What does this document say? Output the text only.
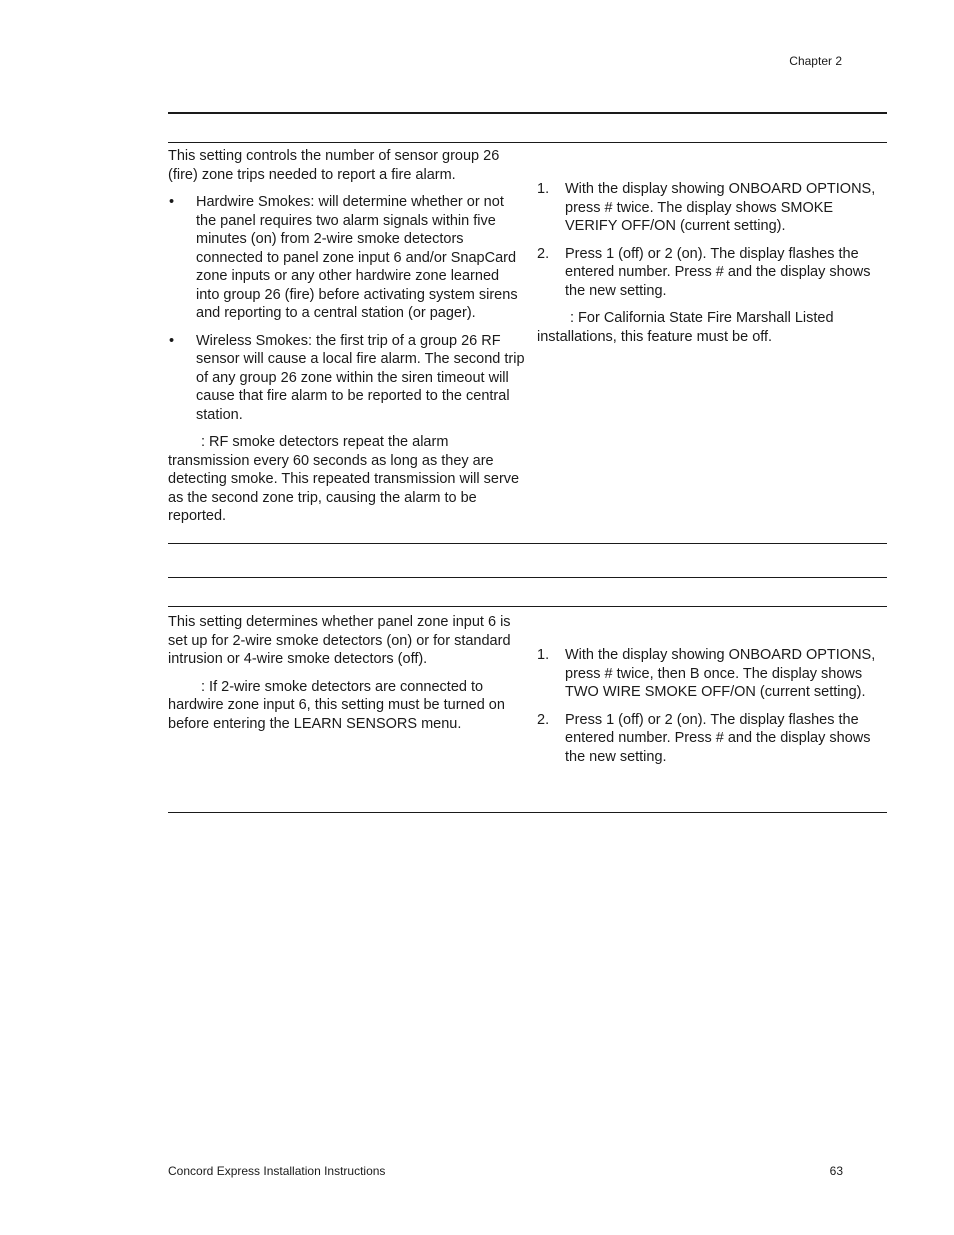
Chapter 2

This setting controls the number of sensor group 26 (fire) zone trips needed to report a fire alarm.

• Hardwire Smokes: will determine whether or not the panel requires two alarm signals within five minutes (on) from 2-wire smoke detectors connected to panel zone input 6 and/or SnapCard zone inputs or any other hardwire zone learned into group 26 (fire) before activating system sirens and reporting to a central station (or pager).
• Wireless Smokes: the first trip of a group 26 RF sensor will cause a local fire alarm. The second trip of any group 26 zone within the siren timeout will cause that fire alarm to be reported to the central station.

: RF smoke detectors repeat the alarm transmission every 60 seconds as long as they are detecting smoke. This repeated transmission will serve as the second zone trip, causing the alarm to be reported.

1. With the display showing ONBOARD OPTIONS, press # twice. The display shows SMOKE VERIFY OFF/ON (current setting).
2. Press 1 (off) or 2 (on). The display flashes the entered number. Press # and the display shows the new setting.

: For California State Fire Marshall Listed installations, this feature must be off.

This setting determines whether panel zone input 6 is set up for 2-wire smoke detectors (on) or for standard intrusion or 4-wire smoke detectors (off).

: If 2-wire smoke detectors are connected to hardwire zone input 6, this setting must be turned on before entering the LEARN SENSORS menu.

1. With the display showing ONBOARD OPTIONS, press # twice, then B once. The display shows TWO WIRE SMOKE OFF/ON (current setting).
2. Press 1 (off) or 2 (on). The display flashes the entered number. Press # and the display shows the new setting.
Concord Express Installation Instructions	63
